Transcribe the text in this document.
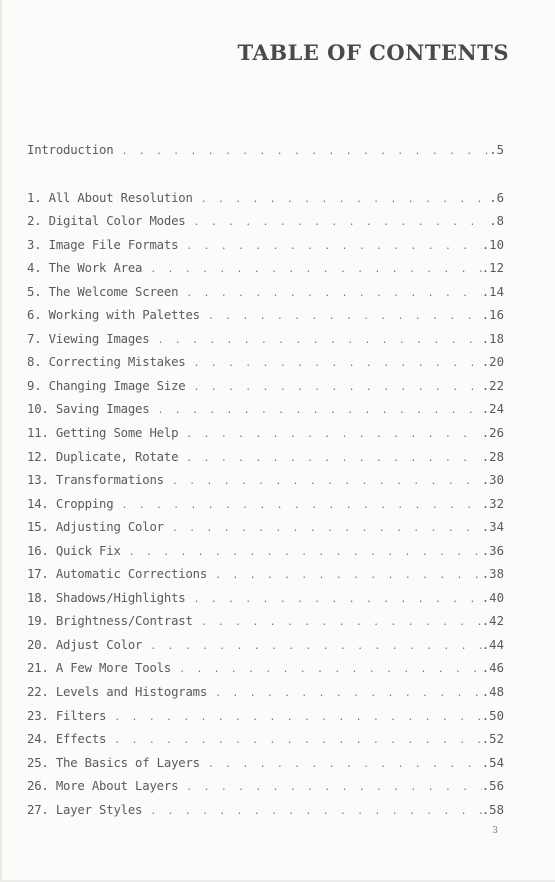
TABLE OF CONTENTS
Introduction . . .	.5
1. All About Resolution . . .	.6
2. Digital Color Modes . . .	.8
3. Image File Formats . . .	.10
4. The Work Area . . .	.12
5. The Welcome Screen . . .	.14
6. Working with Palettes . . .	.16
7. Viewing Images . . .	.18
8. Correcting Mistakes . . .	.20
9. Changing Image Size . . .	.22
10. Saving Images . . .	.24
11. Getting Some Help . . .	.26
12. Duplicate, Rotate . . .	.28
13. Transformations . . .	.30
14. Cropping . . .	.32
15. Adjusting Color . . .	.34
16. Quick Fix . . .	.36
17. Automatic Corrections . . .	.38
18. Shadows/Highlights . . .	.40
19. Brightness/Contrast . . .	.42
20. Adjust Color . . .	.44
21. A Few More Tools . . .	.46
22. Levels and Histograms . . .	.48
23. Filters . . .	.50
24. Effects . . .	.52
25. The Basics of Layers . . .	.54
26. More About Layers . . .	.56
27. Layer Styles . . .	.58
3
